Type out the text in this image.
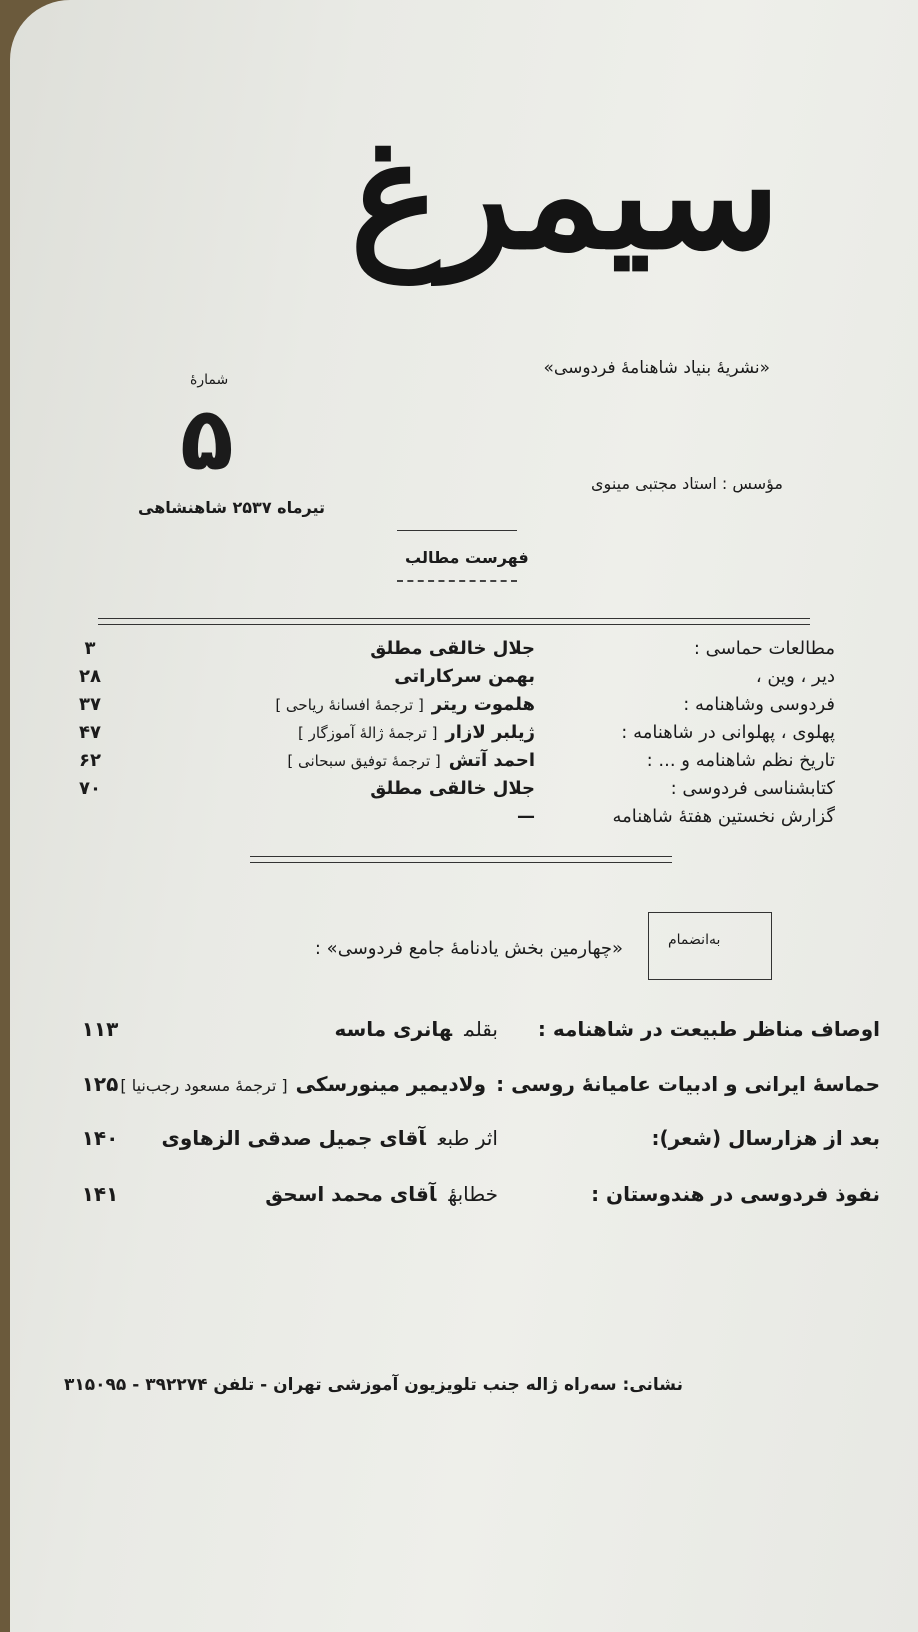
سیمرغ
«نشریهٔ بنیاد شاهنامهٔ فردوسی»
مؤسس : استاد مجتبی مینوی
شمارهٔ
۵
تیرماه ۲۵۳۷ شاهنشاهی
فهرست مطالب
مطالعات حماسی :
جلال خالقی مطلق
۳
دیر ، وین ،
بهمن سرکاراتی
۲۸
فردوسی وشاهنامه :
هلموت ریتر[ ترجمهٔ افسانهٔ ریاحی ]
۳۷
پهلوی ، پهلوانی در شاهنامه :
ژیلبر لازار[ ترجمهٔ ژالهٔ آموزگار ]
۴۷
تاریخ نظم شاهنامه و ... :
احمد آتش[ ترجمهٔ توفیق سبحانی ]
۶۲
کتابشناسی فردوسی :
جلال خالقی مطلق
۷۰
گزارش نخستین هفتهٔ شاهنامه
—
به‌انضمام
«چهارمین بخش یادنامهٔ جامع فردوسی» :
اوصاف مناظر طبیعت در شاهنامه :
بقلمهانری ماسه
۱۱۳
حماسهٔ ایرانی و ادبیات عامیانهٔ روسی :
ولادیمیر مینورسکی[ ترجمهٔ مسعود رجب‌نیا ]
۱۲۵
بعد از هزارسال (شعر):
اثر طبعآقای جمیل صدقی الزهاوی
۱۴۰
نفوذ فردوسی در هندوستان :
خطابهٔآقای محمد اسحق
۱۴۱
نشانی: سه‌راه ژاله جنب تلویزیون آموزشی تهران - تلفن ۳۹۲۲۷۴ - ۳۱۵۰۹۵
